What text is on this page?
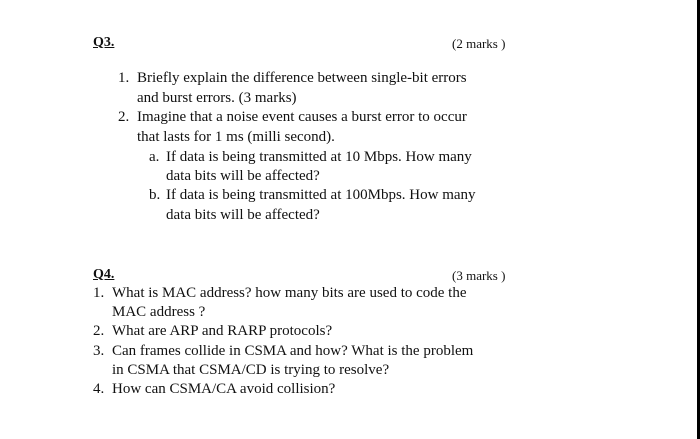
Q3.	(2 marks )
1. Briefly explain the difference between single-bit errors
and burst errors. (3 marks)
2. Imagine that a noise event causes a burst error to occur
that lasts for 1 ms (milli second).
a. If data is being transmitted at 10 Mbps. How many
data bits will be affected?
b. If data is being transmitted at 100Mbps. How many
data bits will be affected?
Q4.	(3 marks )
1. What is MAC address? how many bits are used to code the
MAC address ?
2. What are ARP and RARP protocols?
3. Can frames collide in CSMA and how? What is the problem
in CSMA that CSMA/CD is trying to resolve?
4. How can CSMA/CA avoid collision?
